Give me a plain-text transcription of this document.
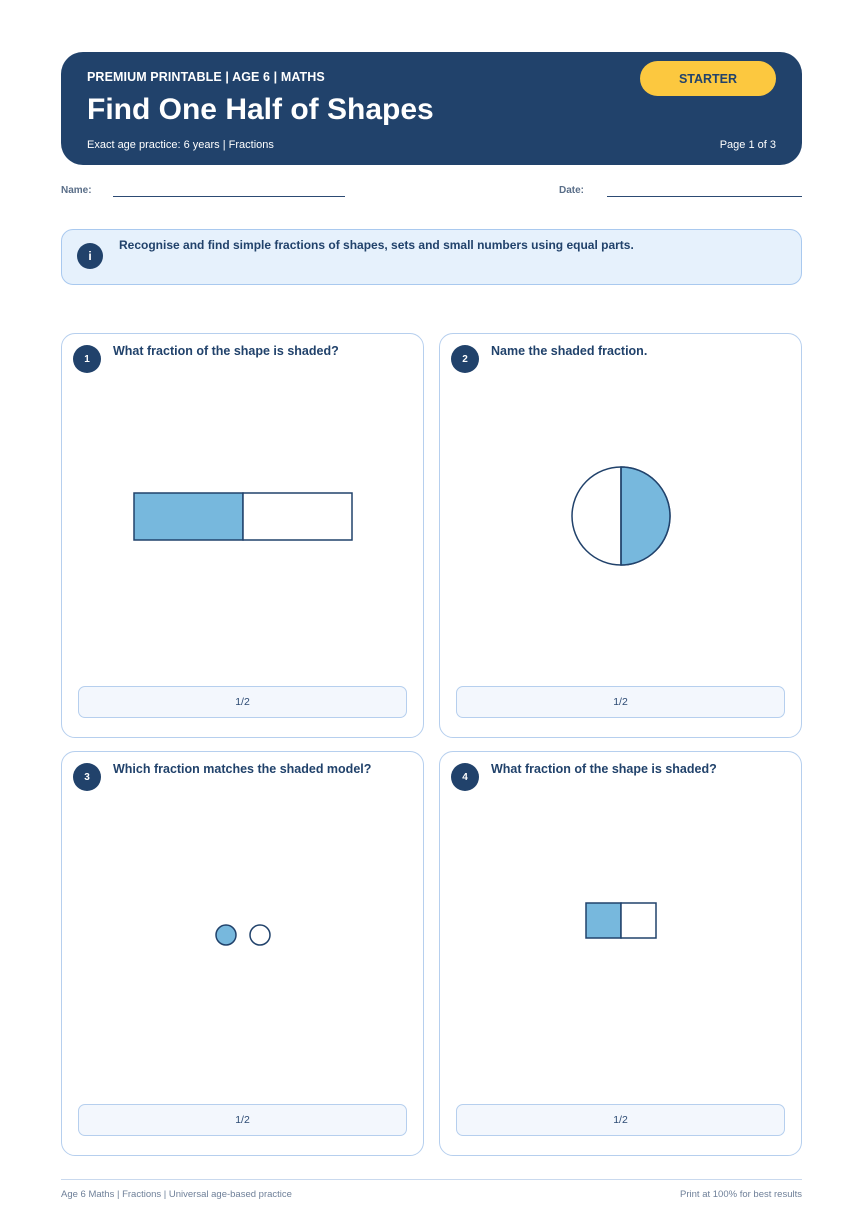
PREMIUM PRINTABLE | AGE 6 | MATHS
Find One Half of Shapes
Exact age practice: 6 years | Fractions	Page 1 of 3
STARTER
Name:	Date:
i
Recognise and find simple fractions of shapes, sets and small numbers using equal parts.
1
What fraction of the shape is shaded?
1/2
2
Name the shaded fraction.
1/2
3
Which fraction matches the shaded model?
1/2
4
What fraction of the shape is shaded?
1/2
Age 6 Maths | Fractions | Universal age-based practice	Print at 100% for best results
